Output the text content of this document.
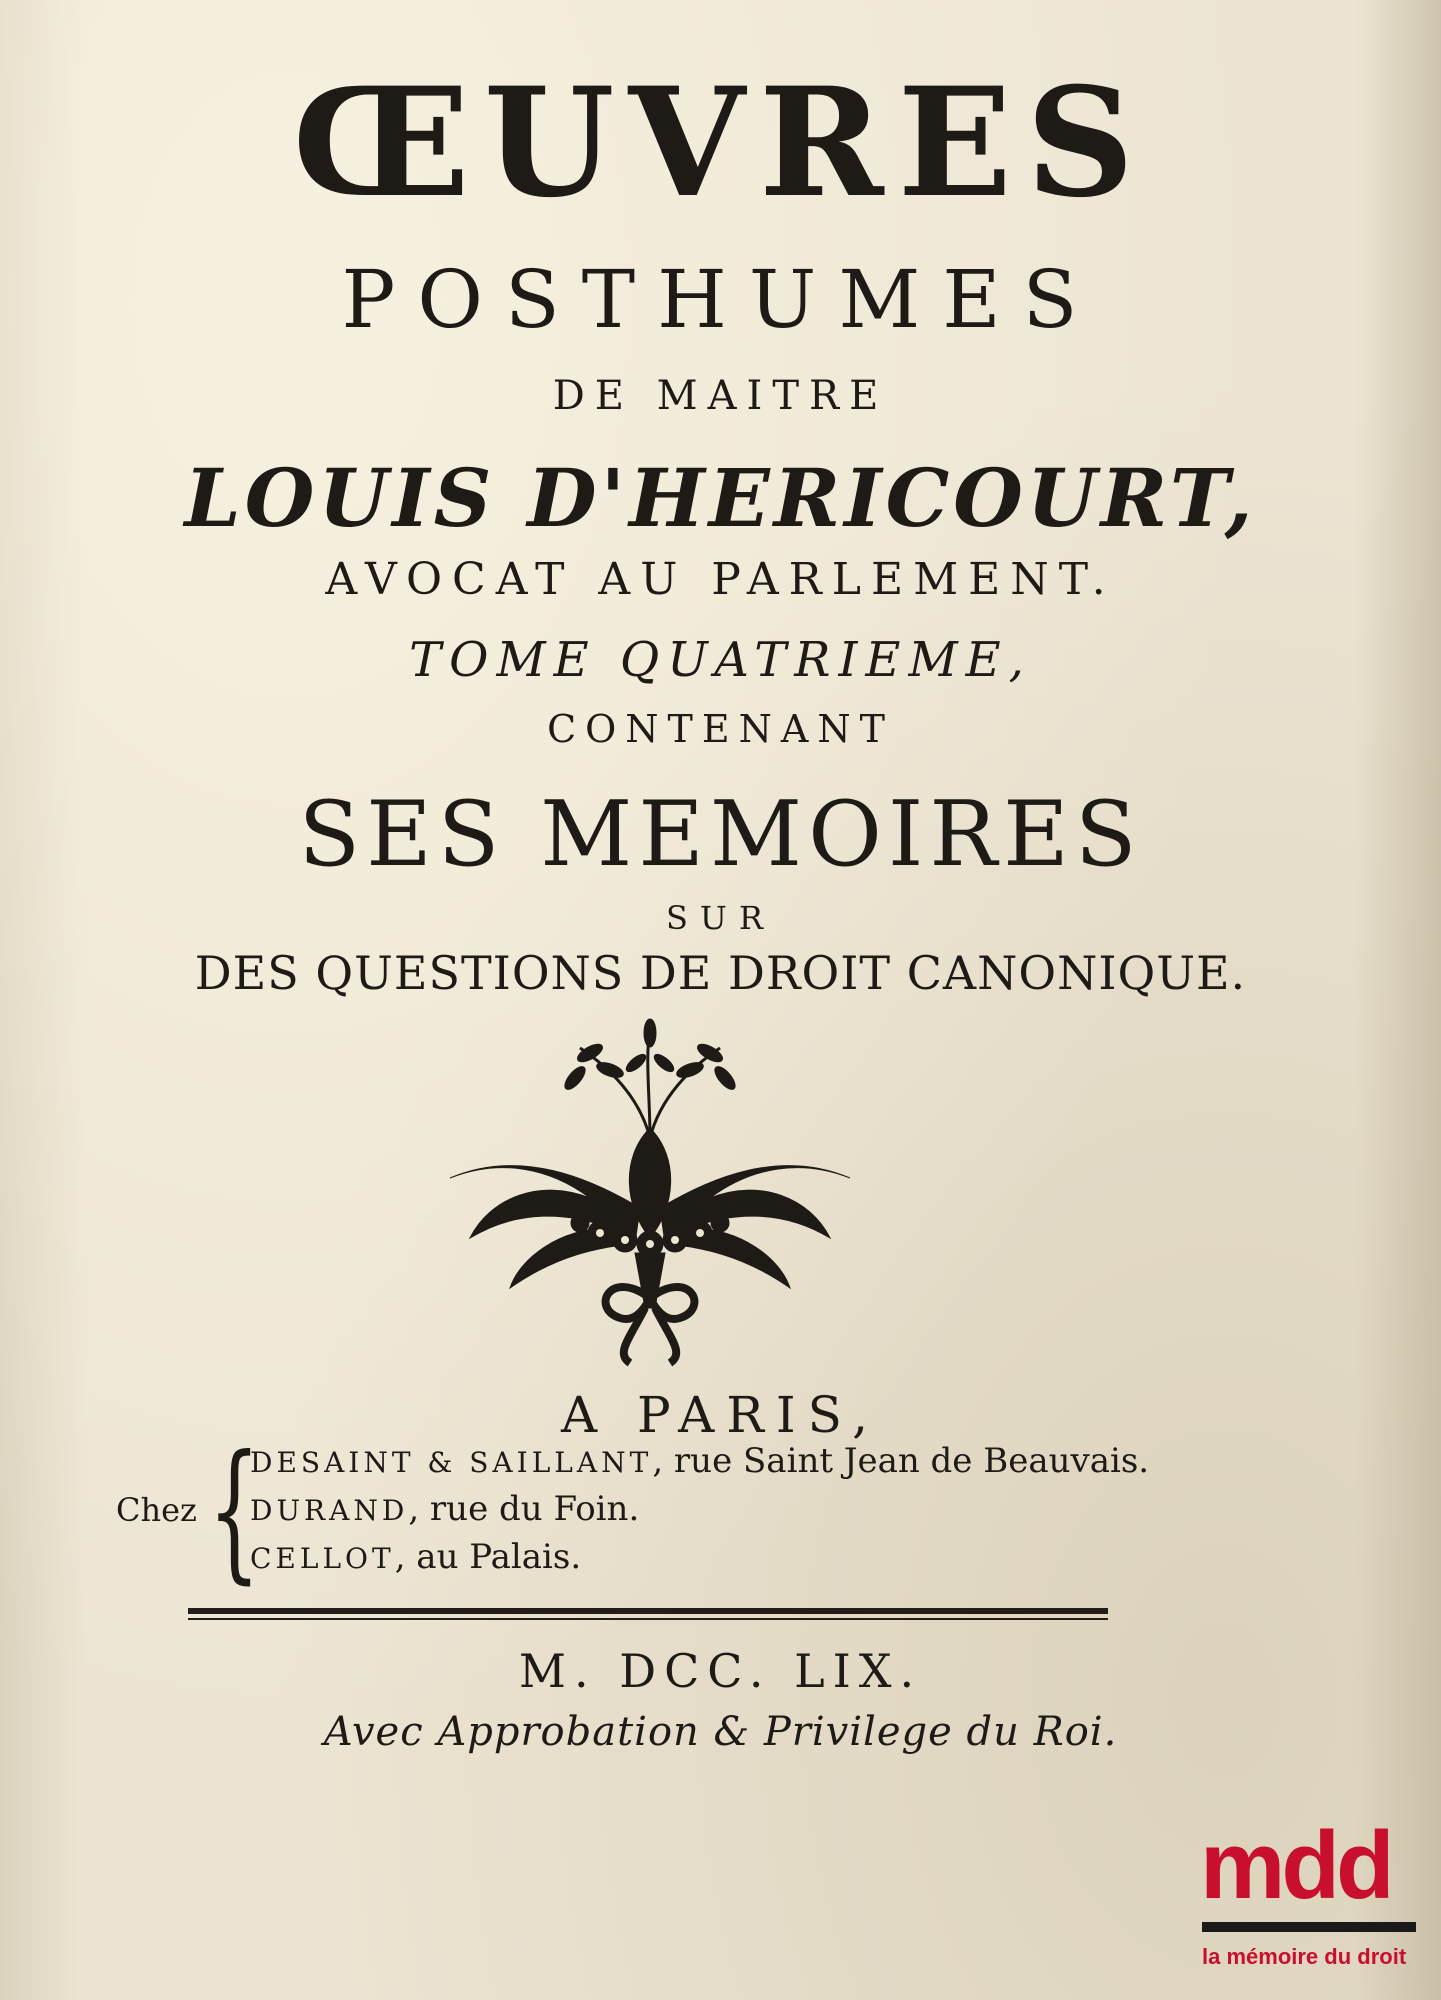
ŒUVRES
POSTHUMES
DE MAITRE
LOUIS D'HERICOURT,
AVOCAT AU PARLEMENT.
TOME QUATRIEME,
CONTENANT
SES MEMOIRES
SUR
DES QUESTIONS DE DROIT CANONIQUE.
A PARIS,
Chez {
DESAINT & SAILLANT, rue Saint Jean de Beauvais.
DURAND, rue du Foin.
CELLOT, au Palais.
M. DCC. LIX.
Avec Approbation & Privilege du Roi.
mdd
la mémoire du droit
